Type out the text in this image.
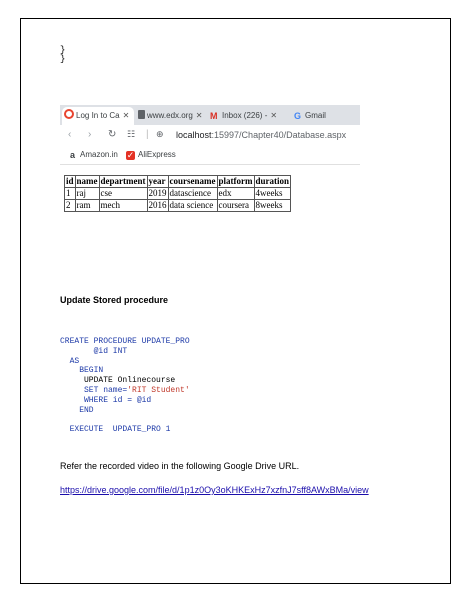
}
}
Log In to Ca ✕	www.edx.org ✕ M Inbox (226) - ✕	G Gmail
‹ › ↻ ☷ | ⊕ localhost:15997/Chapter40/Database.aspx
a Amazon.in ✓ AliExpress
id	name	department	year	coursename	platform	duration
1	raj	cse	2019	datascience	edx	4weeks
2	ram	mech	2016	data science	coursera	8weeks
Update Stored procedure
CREATE PROCEDURE UPDATE_PRO
@id INT
AS
BEGIN
UPDATE Onlinecourse
SET name='RIT Student'
WHERE id = @id
END

EXECUTE  UPDATE_PRO 1
Refer the recorded video in the following Google Drive URL.
https://drive.google.com/file/d/1p1z0Oy3oKHKExHz7xzfnJ7sff8AWxBMa/view
